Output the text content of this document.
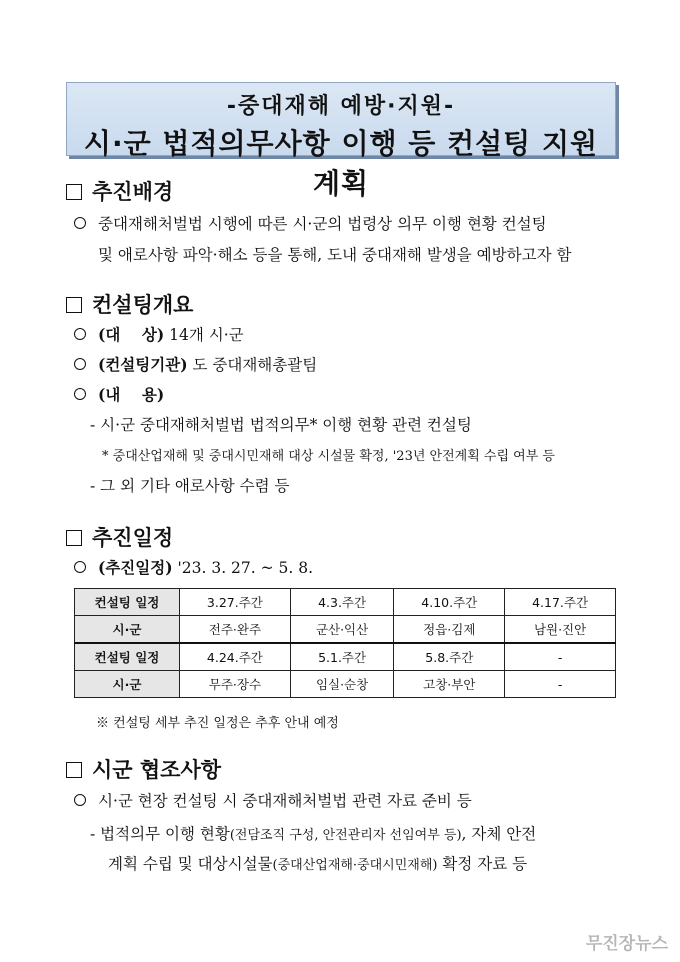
-중대재해 예방·지원-
시·군 법적의무사항 이행 등 컨설팅 지원 계획
추진배경
중대재해처벌법 시행에 따른 시·군의 법령상 의무 이행 현황 컨설팅
및 애로사항 파악·해소 등을 통해, 도내 중대재해 발생을 예방하고자 함
컨설팅개요
(대    상) 14개 시·군
(컨설팅기관) 도 중대재해총괄팀
(내    용)
- 시·군 중대재해처벌법 법적의무* 이행 현황 관련 컨설팅
* 중대산업재해 및 중대시민재해 대상 시설물 확정, '23년 안전계획 수립 여부 등
- 그 외 기타 애로사항 수렴 등
추진일정
(추진일정) '23. 3. 27. ~ 5. 8.
컨설팅 일정	3.27.주간	4.3.주간	4.10.주간	4.17.주간
시·군	전주·완주	군산·익산	정읍·김제	남원·진안
컨설팅 일정	4.24.주간	5.1.주간	5.8.주간	-
시·군	무주·장수	임실·순창	고창·부안	-
※ 컨설팅 세부 추진 일정은 추후 안내 예정
시군 협조사항
시·군 현장 컨설팅 시 중대재해처벌법 관련 자료 준비 등
- 법적의무 이행 현황(전담조직 구성, 안전관리자 선임여부 등), 자체 안전
계획 수립 및 대상시설물(중대산업재해·중대시민재해) 확정 자료 등
무진장뉴스
